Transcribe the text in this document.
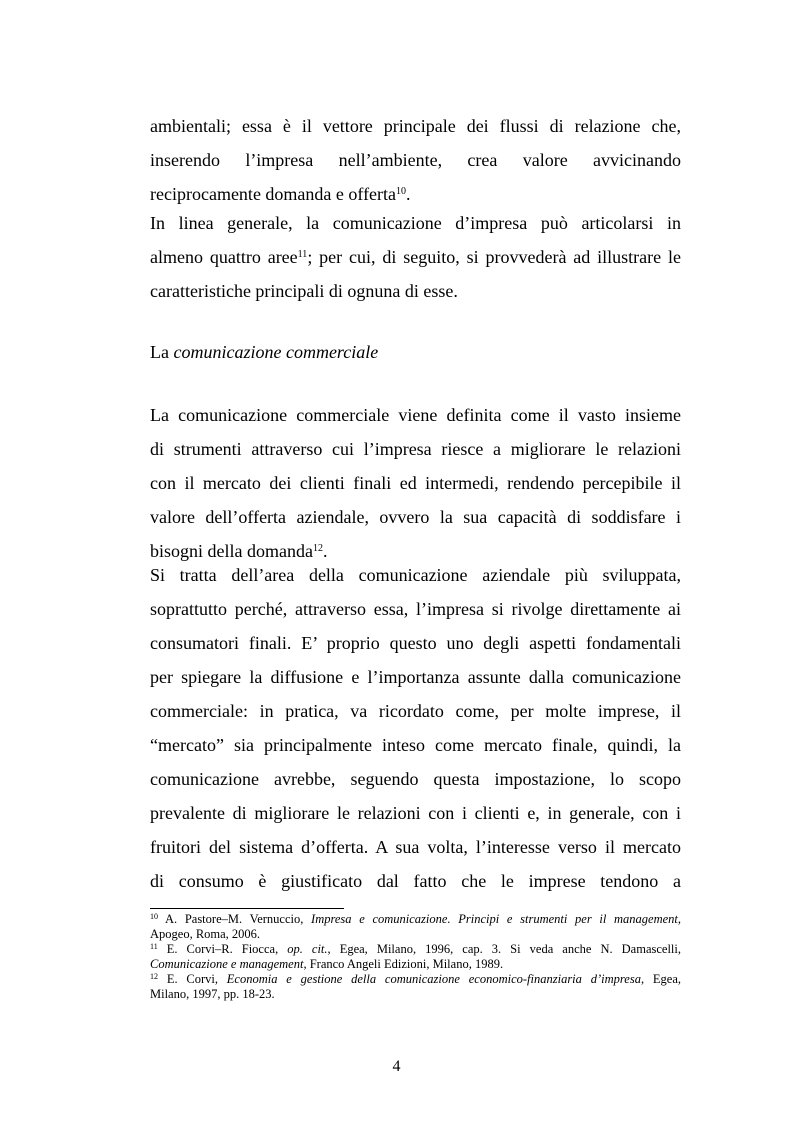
ambientali; essa è il vettore principale dei flussi di relazione che,
inserendo l’impresa nell’ambiente, crea valore avvicinando
reciprocamente domanda e offerta$^{10}$.
In linea generale, la comunicazione d’impresa può articolarsi in
almeno quattro aree$^{11}$; per cui, di seguito, si provvederà ad illustrare le
caratteristiche principali di ognuna di esse.
La comunicazione commerciale
La comunicazione commerciale viene definita come il vasto insieme
di strumenti attraverso cui l’impresa riesce a migliorare le relazioni
con il mercato dei clienti finali ed intermedi, rendendo percepibile il
valore dell’offerta aziendale, ovvero la sua capacità di soddisfare i
bisogni della domanda$^{12}$.
Si tratta dell’area della comunicazione aziendale più sviluppata,
soprattutto perché, attraverso essa, l’impresa si rivolge direttamente ai
consumatori finali. E’ proprio questo uno degli aspetti fondamentali
per spiegare la diffusione e l’importanza assunte dalla comunicazione
commerciale: in pratica, va ricordato come, per molte imprese, il
“mercato” sia principalmente inteso come mercato finale, quindi, la
comunicazione avrebbe, seguendo questa impostazione, lo scopo
prevalente di migliorare le relazioni con i clienti e, in generale, con i
fruitori del sistema d’offerta. A sua volta, l’interesse verso il mercato
di consumo è giustificato dal fatto che le imprese tendono a
$^{10}$ A. Pastore–M. Vernuccio, Impresa e comunicazione. Principi e strumenti per il management,
Apogeo, Roma, 2006.
$^{11}$ E. Corvi–R. Fiocca, op. cit., Egea, Milano, 1996, cap. 3. Si veda anche N. Damascelli,
Comunicazione e management, Franco Angeli Edizioni, Milano, 1989.
$^{12}$ E. Corvi, Economia e gestione della comunicazione economico-finanziaria d’impresa, Egea,
Milano, 1997, pp. 18-23.
4
